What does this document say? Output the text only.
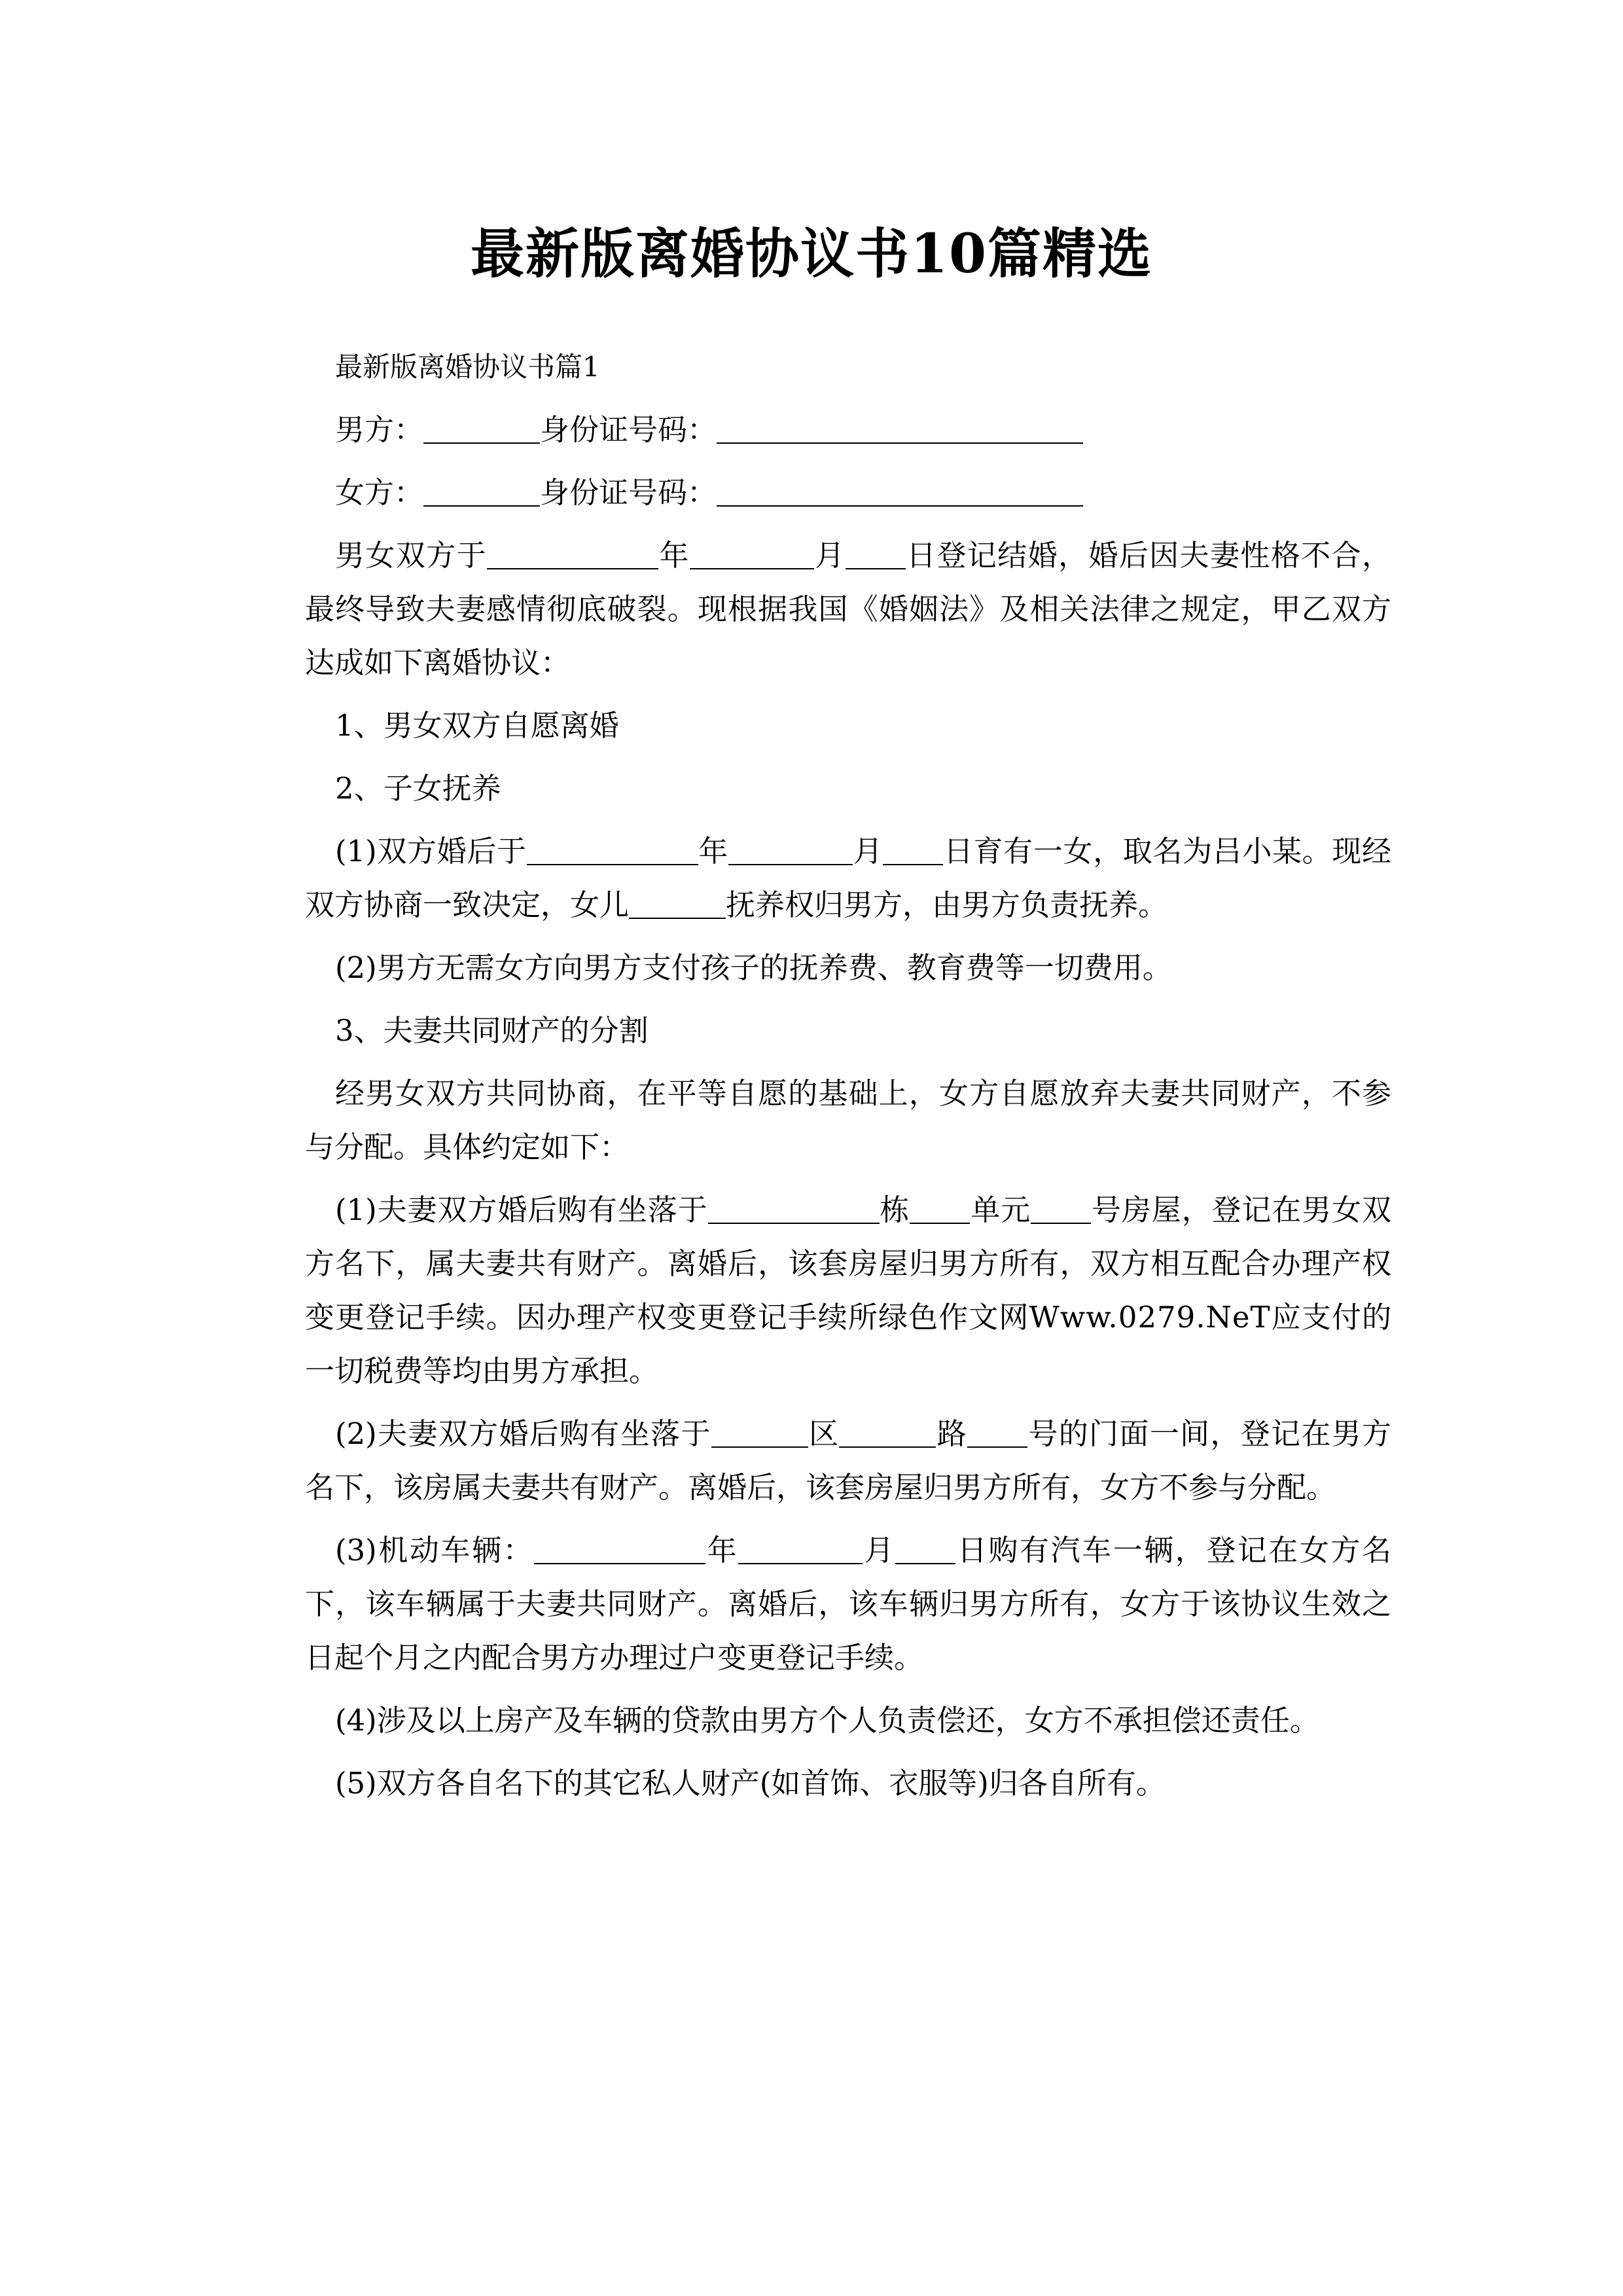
最新版离婚协议书10篇精选

最新版离婚协议书篇1

男方：	身份证号码：

女方：	身份证号码：

男女双方于	年	月 日登记结婚，婚后因夫妻性格不合，最终导致夫妻感情彻底破裂。现根据我国《婚姻法》及相关法律之规定，甲乙双方达成如下离婚协议：

1、男女双方自愿离婚

2、子女抚养

(1)双方婚后于	年	月 日育有一女，取名为吕小某。现经双方协商一致决定，女儿	抚养权归男方，由男方负责抚养。

(2)男方无需女方向男方支付孩子的抚养费、教育费等一切费用。

3、夫妻共同财产的分割

经男女双方共同协商，在平等自愿的基础上，女方自愿放弃夫妻共同财产，不参与分配。具体约定如下：

(1)夫妻双方婚后购有坐落于	栋 单元 号房屋，登记在男女双方名下，属夫妻共有财产。离婚后，该套房屋归男方所有，双方相互配合办理产权变更登记手续。因办理产权变更登记手续所绿色作文网Www.0279.NeT应支付的一切税费等均由男方承担。

(2)夫妻双方婚后购有坐落于	区	路 号的门面一间，登记在男方名下，该房属夫妻共有财产。离婚后，该套房屋归男方所有，女方不参与分配。

(3)机动车辆：	年	月 日购有汽车一辆，登记在女方名下，该车辆属于夫妻共同财产。离婚后，该车辆归男方所有，女方于该协议生效之日起个月之内配合男方办理过户变更登记手续。

(4)涉及以上房产及车辆的贷款由男方个人负责偿还，女方不承担偿还责任。

(5)双方各自名下的其它私人财产(如首饰、衣服等)归各自所有。
